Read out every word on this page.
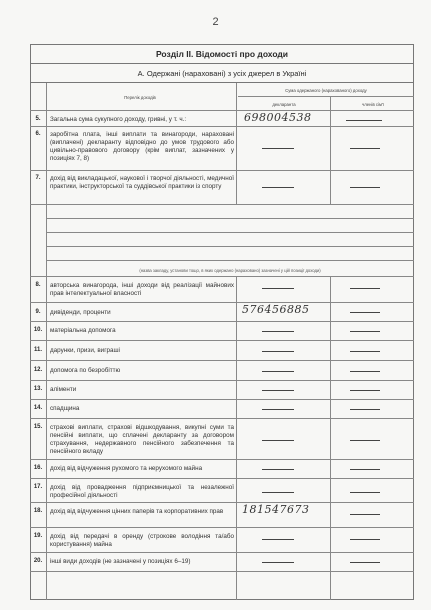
2
Розділ ІІ. Відомості про доходи
А. Одержані (нараховані) з усіх джерел в Україні
Перелік доходів
Сума одержаного (нарахованого) доходу
декларанта	членів сім'ї
5.	Загальна сума сукупного доходу, гривні, у т. ч.:	698004538
6.	заробітна плата, інші виплати та винагороди, нараховані (виплачені) декларанту відповідно до умов трудового або цивільно-правового договору (крім виплат, зазначених у позиціях 7, 8)
7.	дохід від викладацької, наукової і творчої діяльності, медичної практики, інструкторської та суддівської практики із спорту
(назва закладу, установи тощо, в яких одержано (нараховано) зазначені у цій позиції доходи)
8.	авторська винагорода, інші доходи від реалізації майнових прав інтелектуальної власності
9.	дивіденди, проценти	576456885
10.	матеріальна допомога
11.	дарунки, призи, виграші
12.	допомога по безробіттю
13.	аліменти
14.	спадщина
15.	страхові виплати, страхові відшкодування, викупні суми та пенсійні виплати, що сплачені декларанту за договором страхування, недержавного пенсійного забезпечення та пенсійного вкладу
16.	дохід від відчуження рухомого та нерухомого майна
17.	дохід від провадження підприємницької та незалежної професійної діяльності
18.	дохід від відчуження цінних паперів та корпоративних прав	181547673
19.	дохід від передачі в оренду (строкове володіння та/або користування) майна
20.	інші види доходів (не зазначені у позиціях 6–19)
